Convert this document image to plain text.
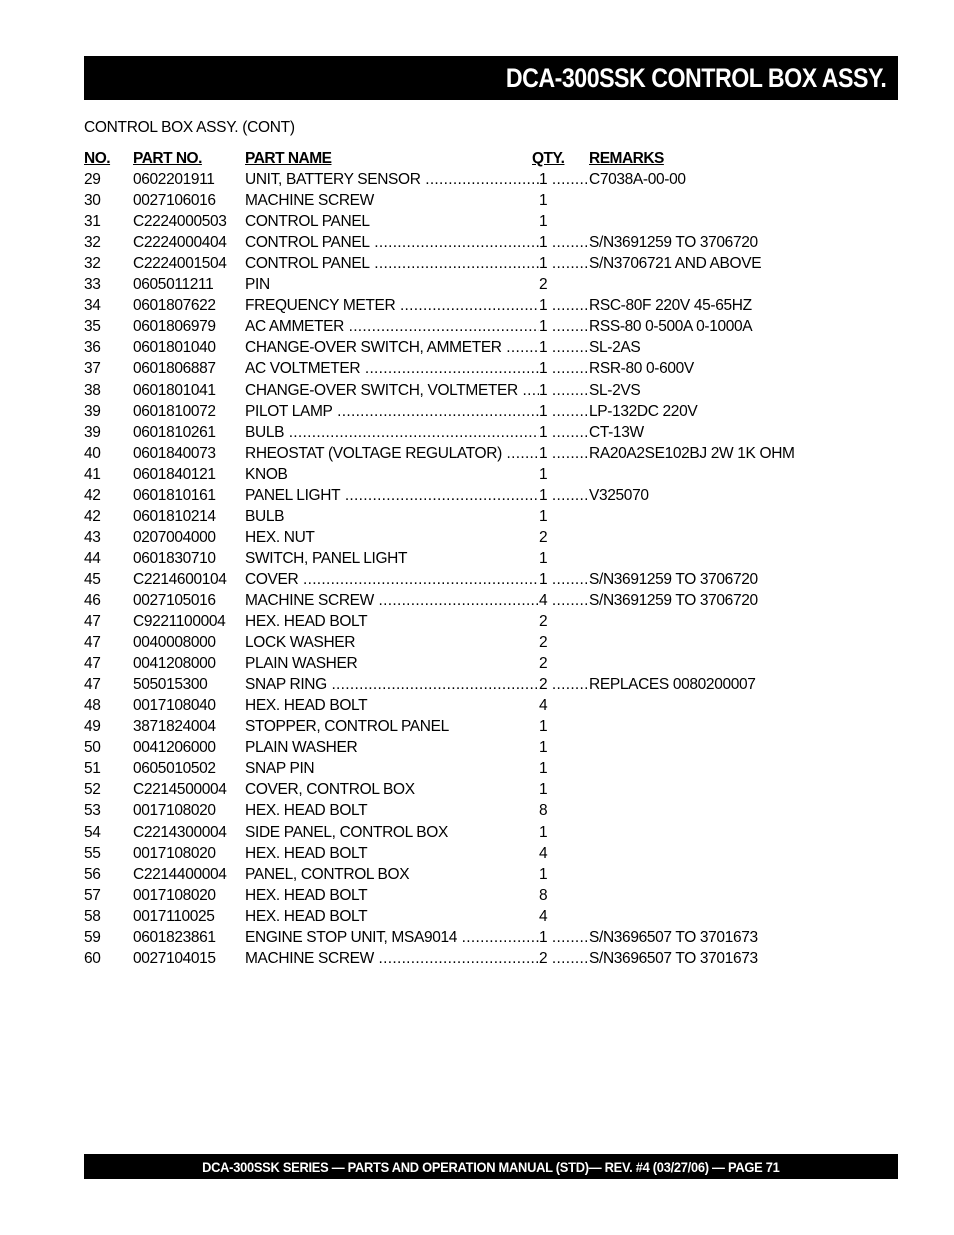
DCA-300SSK CONTROL BOX ASSY.
CONTROL BOX ASSY. (CONT)
NO. PART NO.	PART NAME	QTY. REMARKS
29 0602201911 UNIT, BATTERY SENSOR .....	1 .....	C7038A-00-00
30 0027106016 MACHINE SCREW	1
31 C2224000503 CONTROL PANEL	1
32 C2224000404 CONTROL PANEL .....	1 .....	S/N3691259 TO 3706720
32 C2224001504 CONTROL PANEL .....	1 .....	S/N3706721 AND ABOVE
33 0605011211 PIN	2
34 0601807622 FREQUENCY METER .....	1 .....	RSC-80F 220V 45-65HZ
35 0601806979 AC AMMETER .....	1 .....	RSS-80 0-500A 0-1000A
36 0601801040 CHANGE-OVER SWITCH, AMMETER .....	1 .....	SL-2AS
37 0601806887 AC VOLTMETER .....	1 .....	RSR-80 0-600V
38 0601801041 CHANGE-OVER SWITCH, VOLTMETER .....	1 .....	SL-2VS
39 0601810072 PILOT LAMP .....	1 .....	LP-132DC 220V
39 0601810261 BULB .....	1 .....	CT-13W
40 0601840073 RHEOSTAT (VOLTAGE REGULATOR) .....	1 .....	RA20A2SE102BJ 2W 1K OHM
41 0601840121 KNOB	1
42 0601810161 PANEL LIGHT .....	1 .....	V325070
42 0601810214 BULB	1
43 0207004000 HEX. NUT	2
44 0601830710 SWITCH, PANEL LIGHT	1
45 C2214600104 COVER .....	1 .....	S/N3691259 TO 3706720
46 0027105016 MACHINE SCREW .....	4 .....	S/N3691259 TO 3706720
47 C9221100004 HEX. HEAD BOLT	2
47 0040008000 LOCK WASHER	2
47 0041208000 PLAIN WASHER	2
47 505015300 SNAP RING .....	2 .....	REPLACES 0080200007
48 0017108040 HEX. HEAD BOLT	4
49 3871824004 STOPPER, CONTROL PANEL	1
50 0041206000 PLAIN WASHER	1
51 0605010502 SNAP PIN	1
52 C2214500004 COVER, CONTROL BOX	1
53 0017108020 HEX. HEAD BOLT	8
54 C2214300004 SIDE PANEL, CONTROL BOX	1
55 0017108020 HEX. HEAD BOLT	4
56 C2214400004 PANEL, CONTROL BOX	1
57 0017108020 HEX. HEAD BOLT	8
58 0017110025 HEX. HEAD BOLT	4
59 0601823861 ENGINE STOP UNIT, MSA9014 .....	1 .....	S/N3696507 TO 3701673
60 0027104015 MACHINE SCREW .....	2 .....	S/N3696507 TO 3701673
DCA-300SSK SERIES — PARTS AND OPERATION MANUAL (STD)— REV. #4 (03/27/06) — PAGE 71
